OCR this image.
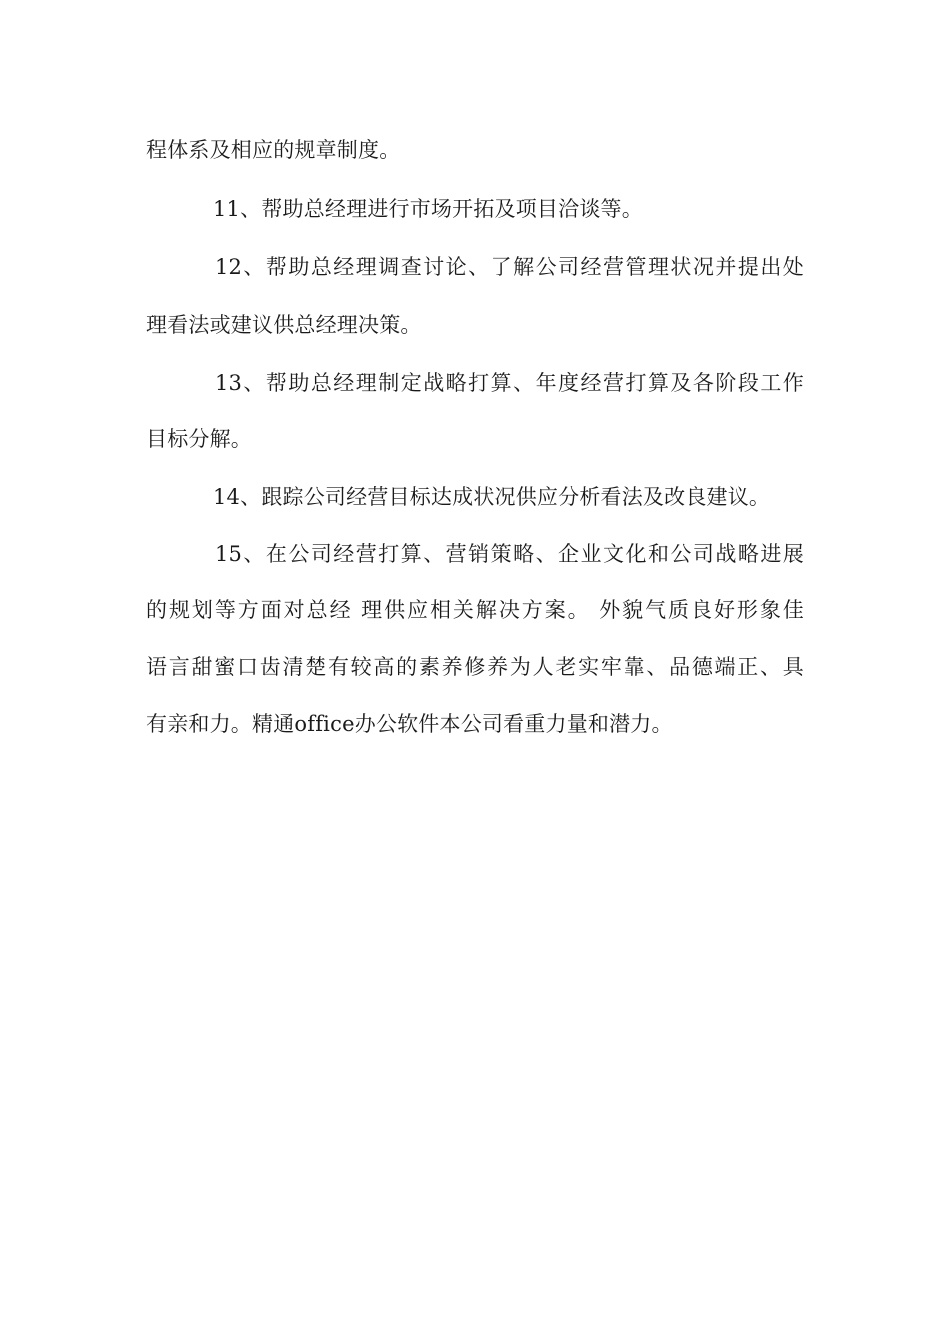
程体系及相应的规章制度。
11、帮助总经理进行市场开拓及项目洽谈等。
12、帮助总经理调查讨论、了解公司经营管理状况并提出处
理看法或建议供总经理决策。
13、帮助总经理制定战略打算、年度经营打算及各阶段工作
目标分解。
14、跟踪公司经营目标达成状况供应分析看法及改良建议。
15、在公司经营打算、营销策略、企业文化和公司战略进展
的规划等方面对总经 理供应相关解决方案。 外貌气质良好形象佳
语言甜蜜口齿清楚有较高的素养修养为人老实牢靠、品德端正、具
有亲和力。精通office办公软件本公司看重力量和潜力。
